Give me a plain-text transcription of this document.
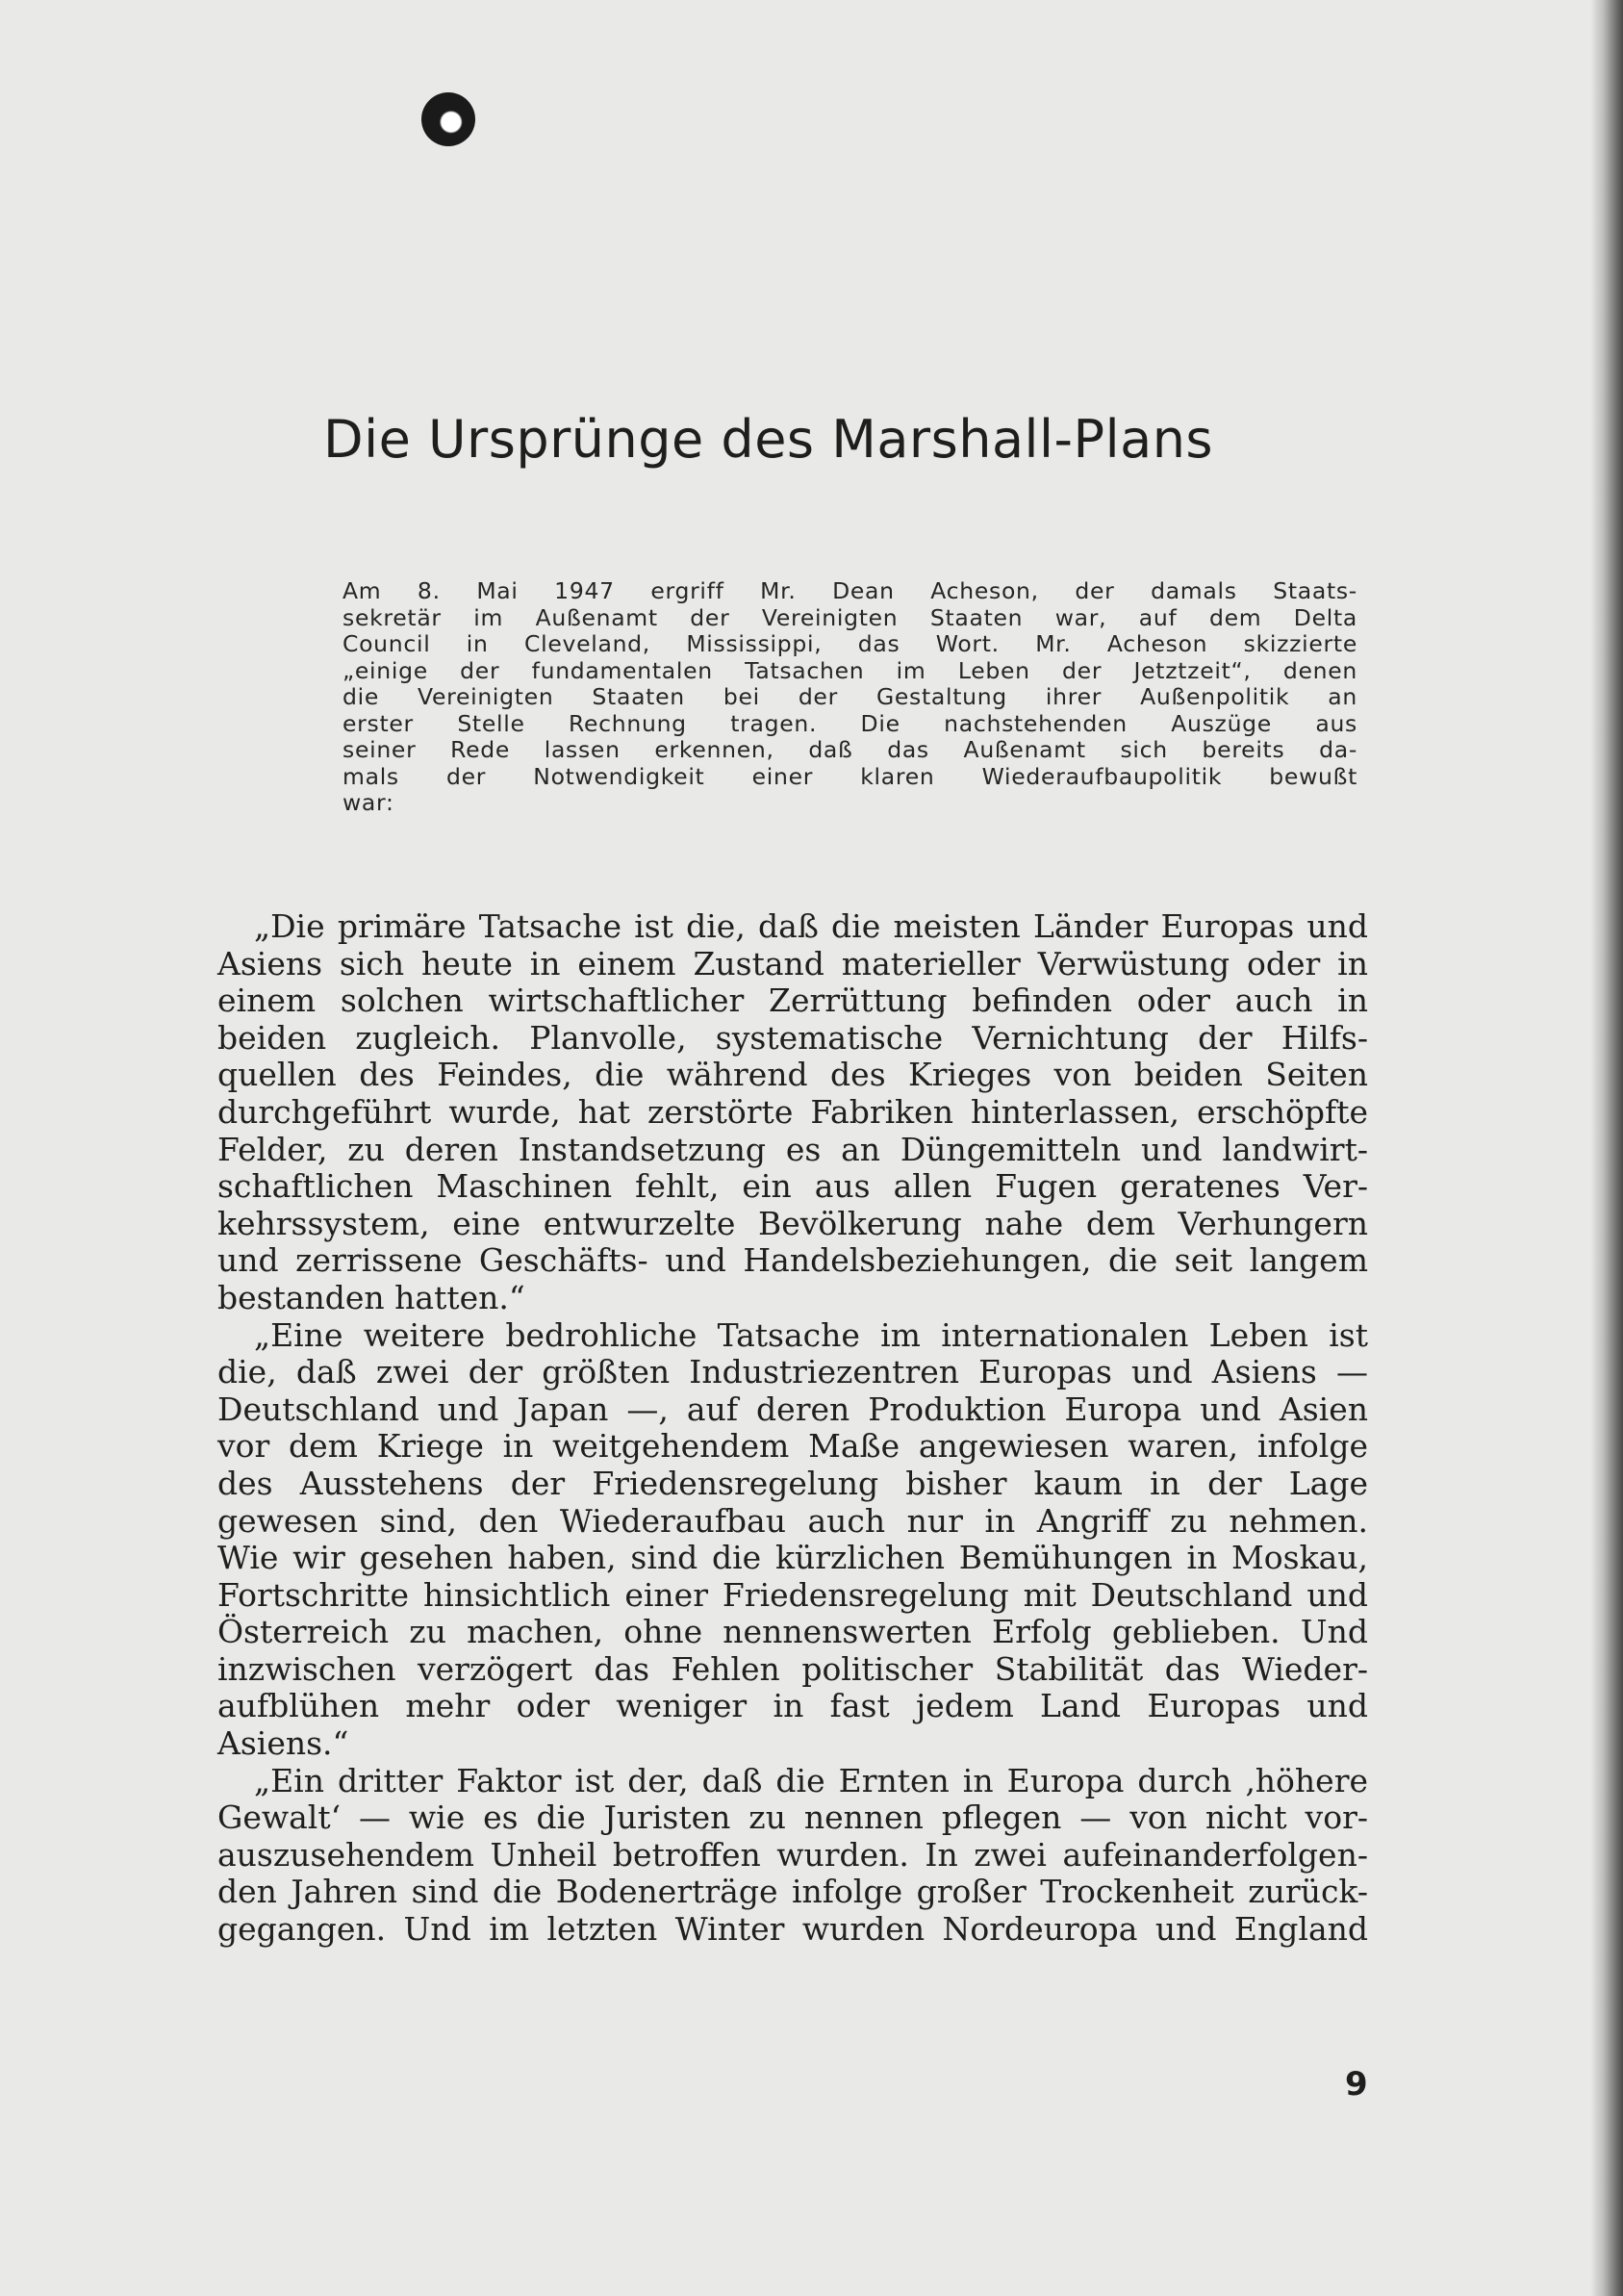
Die Ursprünge des Marshall-Plans
Am 8. Mai 1947 ergriff Mr. Dean Acheson, der damals Staats-
sekretär im Außenamt der Vereinigten Staaten war, auf dem Delta
Council in Cleveland, Mississippi, das Wort. Mr. Acheson skizzierte
„einige der fundamentalen Tatsachen im Leben der Jetztzeit“, denen
die Vereinigten Staaten bei der Gestaltung ihrer Außenpolitik an
erster Stelle Rechnung tragen. Die nachstehenden Auszüge aus
seiner Rede lassen erkennen, daß das Außenamt sich bereits da-
mals der Notwendigkeit einer klaren Wiederaufbaupolitik bewußt
war:
„Die primäre Tatsache ist die, daß die meisten Länder Europas und
Asiens sich heute in einem Zustand materieller Verwüstung oder in
einem solchen wirtschaftlicher Zerrüttung befinden oder auch in
beiden zugleich. Planvolle, systematische Vernichtung der Hilfs-
quellen des Feindes, die während des Krieges von beiden Seiten
durchgeführt wurde, hat zerstörte Fabriken hinterlassen, erschöpfte
Felder, zu deren Instandsetzung es an Düngemitteln und landwirt-
schaftlichen Maschinen fehlt, ein aus allen Fugen geratenes Ver-
kehrssystem, eine entwurzelte Bevölkerung nahe dem Verhungern
und zerrissene Geschäfts- und Handelsbeziehungen, die seit langem
bestanden hatten.“
„Eine weitere bedrohliche Tatsache im internationalen Leben ist
die, daß zwei der größten Industriezentren Europas und Asiens —
Deutschland und Japan —, auf deren Produktion Europa und Asien
vor dem Kriege in weitgehendem Maße angewiesen waren, infolge
des Ausstehens der Friedensregelung bisher kaum in der Lage
gewesen sind, den Wiederaufbau auch nur in Angriff zu nehmen.
Wie wir gesehen haben, sind die kürzlichen Bemühungen in Moskau,
Fortschritte hinsichtlich einer Friedensregelung mit Deutschland und
Österreich zu machen, ohne nennenswerten Erfolg geblieben. Und
inzwischen verzögert das Fehlen politischer Stabilität das Wieder-
aufblühen mehr oder weniger in fast jedem Land Europas und
Asiens.“
„Ein dritter Faktor ist der, daß die Ernten in Europa durch ‚höhere
Gewalt‘ — wie es die Juristen zu nennen pflegen — von nicht vor-
auszusehendem Unheil betroffen wurden. In zwei aufeinanderfolgen-
den Jahren sind die Bodenerträge infolge großer Trockenheit zurück-
gegangen. Und im letzten Winter wurden Nordeuropa und England
9
